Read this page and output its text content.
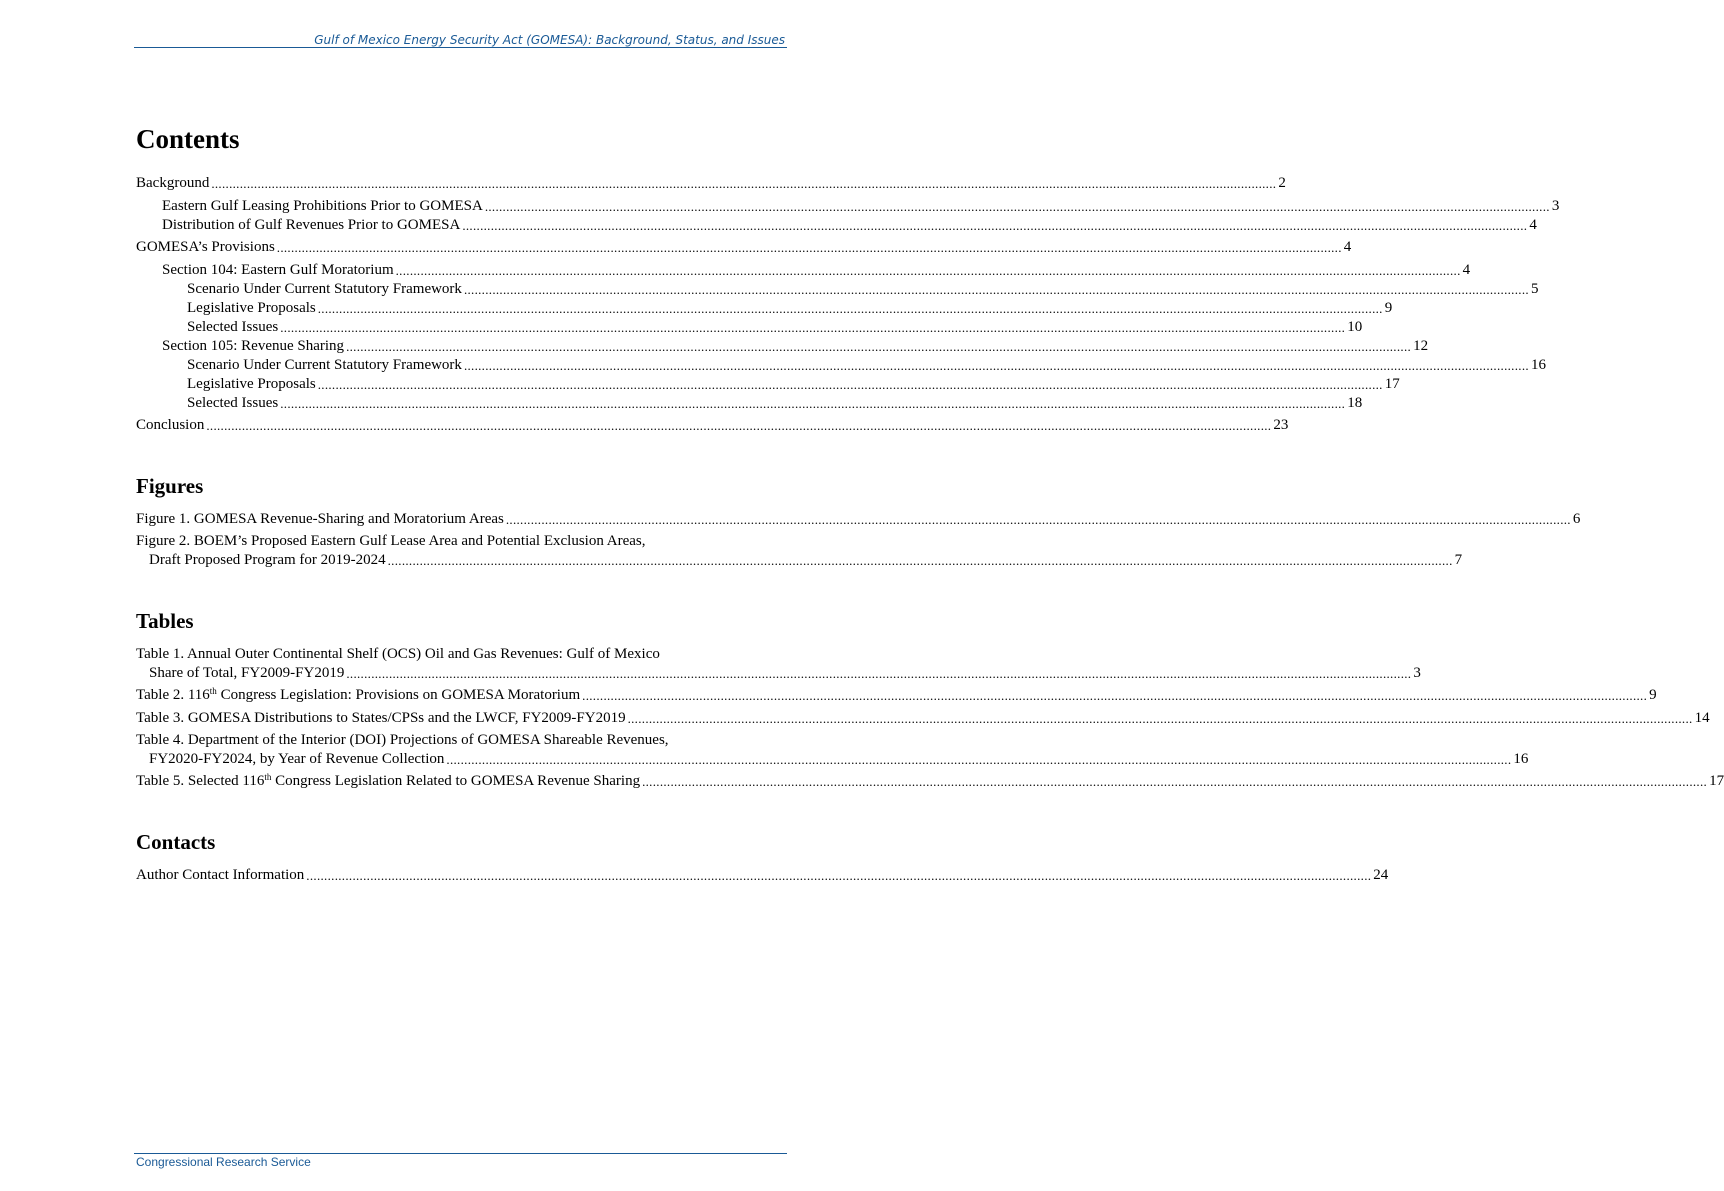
Gulf of Mexico Energy Security Act (GOMESA): Background, Status, and Issues
Contents
Background ............................................................................................................................................................................................................................................................................................................ 2
Eastern Gulf Leasing Prohibitions Prior to GOMESA ............................................................................................................................................................................................................................................................................................................ 3
Distribution of Gulf Revenues Prior to GOMESA ............................................................................................................................................................................................................................................................................................................ 4
GOMESA’s Provisions ............................................................................................................................................................................................................................................................................................................ 4
Section 104: Eastern Gulf Moratorium ............................................................................................................................................................................................................................................................................................................ 4
Scenario Under Current Statutory Framework ............................................................................................................................................................................................................................................................................................................ 5
Legislative Proposals ............................................................................................................................................................................................................................................................................................................ 9
Selected Issues ............................................................................................................................................................................................................................................................................................................ 10
Section 105: Revenue Sharing ............................................................................................................................................................................................................................................................................................................ 12
Scenario Under Current Statutory Framework ............................................................................................................................................................................................................................................................................................................ 16
Legislative Proposals ............................................................................................................................................................................................................................................................................................................ 17
Selected Issues ............................................................................................................................................................................................................................................................................................................ 18
Conclusion ............................................................................................................................................................................................................................................................................................................ 23
Figures
Figure 1. GOMESA Revenue-Sharing and Moratorium Areas ............................................................................................................................................................................................................................................................................................................ 6
Figure 2. BOEM’s Proposed Eastern Gulf Lease Area and Potential Exclusion Areas,
Draft Proposed Program for 2019-2024 ............................................................................................................................................................................................................................................................................................................ 7
Tables
Table 1. Annual Outer Continental Shelf (OCS) Oil and Gas Revenues: Gulf of Mexico
Share of Total, FY2009-FY2019 ............................................................................................................................................................................................................................................................................................................ 3
Table 2. 116th Congress Legislation: Provisions on GOMESA Moratorium ............................................................................................................................................................................................................................................................................................................ 9
Table 3. GOMESA Distributions to States/CPSs and the LWCF, FY2009-FY2019 ............................................................................................................................................................................................................................................................................................................ 14
Table 4. Department of the Interior (DOI) Projections of GOMESA Shareable Revenues,
FY2020-FY2024, by Year of Revenue Collection ............................................................................................................................................................................................................................................................................................................ 16
Table 5. Selected 116th Congress Legislation Related to GOMESA Revenue Sharing ............................................................................................................................................................................................................................................................................................................ 17
Contacts
Author Contact Information ............................................................................................................................................................................................................................................................................................................ 24
Congressional Research Service
